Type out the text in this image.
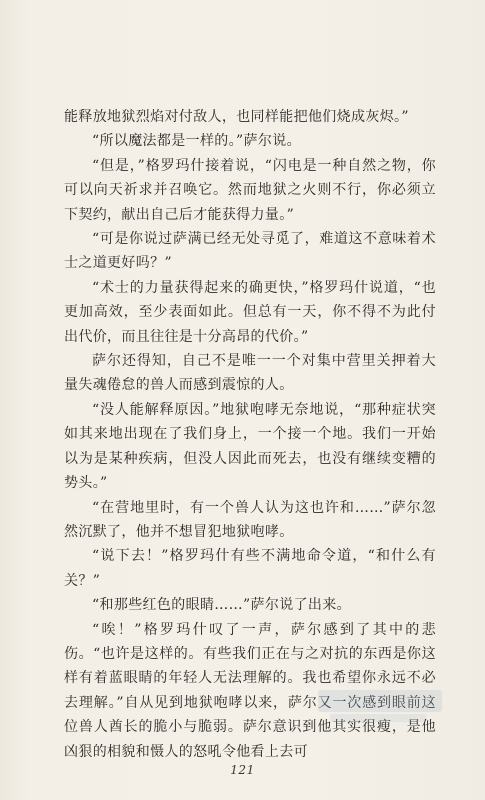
能释放地狱烈焰对付敌人，也同样能把他们烧成灰烬。”

“所以魔法都是一样的。”萨尔说。

“但是，”格罗玛什接着说，“闪电是一种自然之物，你可以向天祈求并召唤它。然而地狱之火则不行，你必须立下契约，献出自己后才能获得力量。”

“可是你说过萨满已经无处寻觅了，难道这不意味着术士之道更好吗？”

“术士的力量获得起来的确更快，”格罗玛什说道，“也更加高效，至少表面如此。但总有一天，你不得不为此付出代价，而且往往是十分高昂的代价。”

萨尔还得知，自己不是唯一一个对集中营里关押着大量失魂倦怠的兽人而感到震惊的人。

“没人能解释原因。”地狱咆哮无奈地说，“那种症状突如其来地出现在了我们身上，一个接一个地。我们一开始以为是某种疾病，但没人因此而死去，也没有继续变糟的势头。”

“在营地里时，有一个兽人认为这也许和……”萨尔忽然沉默了，他并不想冒犯地狱咆哮。

“说下去！”格罗玛什有些不满地命令道，“和什么有关？”

“和那些红色的眼睛……”萨尔说了出来。

“唉！”格罗玛什叹了一声，萨尔感到了其中的悲伤。“也许是这样的。有些我们正在与之对抗的东西是你这样有着蓝眼睛的年轻人无法理解的。我也希望你永远不必去理解。”自从见到地狱咆哮以来，萨尔又一次感到眼前这位兽人酋长的脆小与脆弱。萨尔意识到他其实很瘦，是他凶狠的相貌和慑人的怒吼令他看上去可

121
